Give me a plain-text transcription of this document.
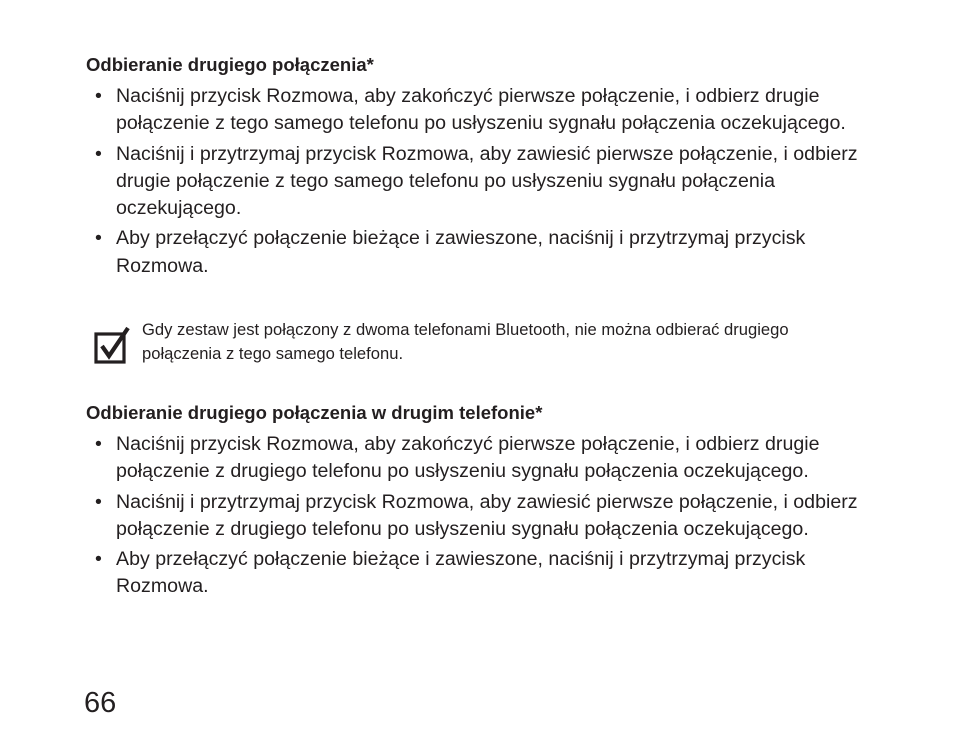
Odbieranie drugiego połączenia*
• Naciśnij przycisk Rozmowa, aby zakończyć pierwsze połączenie, i odbierz drugie połączenie z tego samego telefonu po usłyszeniu sygnału połączenia oczekującego.
• Naciśnij i przytrzymaj przycisk Rozmowa, aby zawiesić pierwsze połączenie, i odbierz drugie połączenie z tego samego telefonu po usłyszeniu sygnału połączenia oczekującego.
• Aby przełączyć połączenie bieżące i zawieszone, naciśnij i przytrzymaj przycisk Rozmowa.
Gdy zestaw jest połączony z dwoma telefonami Bluetooth, nie można odbierać drugiego połączenia z tego samego telefonu.
Odbieranie drugiego połączenia w drugim telefonie*
• Naciśnij przycisk Rozmowa, aby zakończyć pierwsze połączenie, i odbierz drugie połączenie z drugiego telefonu po usłyszeniu sygnału połączenia oczekującego.
• Naciśnij i przytrzymaj przycisk Rozmowa, aby zawiesić pierwsze połączenie, i odbierz połączenie z drugiego telefonu po usłyszeniu sygnału połączenia oczekującego.
• Aby przełączyć połączenie bieżące i zawieszone, naciśnij i przytrzymaj przycisk Rozmowa.
66
